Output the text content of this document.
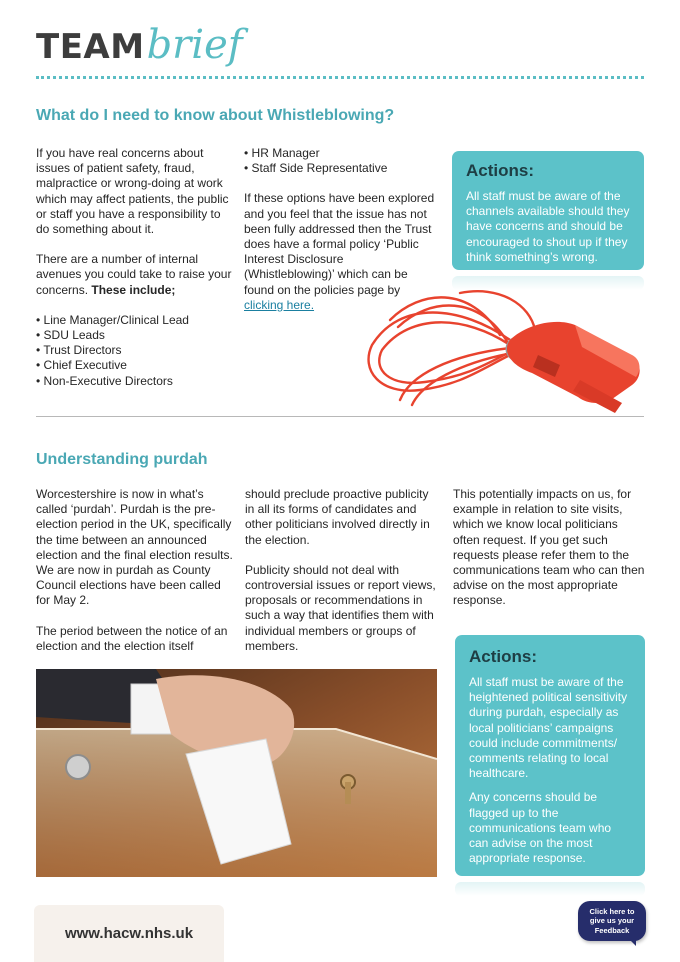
TEAM brief
What do I need to know about Whistleblowing?

If you have real concerns about issues of patient safety, fraud, malpractice or wrong-doing at work which may affect patients, the public or staff you have a responsibility to do something about it.

There are a number of internal avenues you could take to raise your concerns. These include;

• Line Manager/Clinical Lead
• SDU Leads
• Trust Directors
• Chief Executive
• Non-Executive Directors
• HR Manager
• Staff Side Representative

If these options have been explored and you feel that the issue has not been fully addressed then the Trust does have a formal policy ‘Public Interest Disclosure (Whistleblowing)’ which can be found on the policies page by clicking here.

Actions:
All staff must be aware of the channels available should they have concerns and should be encouraged to shout up if they think something’s wrong.
Understanding purdah

Worcestershire is now in what’s called ‘purdah’. Purdah is the pre-election period in the UK, specifically the time between an announced election and the final election results. We are now in purdah as County Council elections have been called for May 2.

The period between the notice of an election and the election itself

should preclude proactive publicity in all its forms of candidates and other politicians involved directly in the election.

Publicity should not deal with controversial issues or report views, proposals or recommendations in such a way that identifies them with individual members or groups of members.

This potentially impacts on us, for example in relation to site visits, which we know local politicians often request. If you get such requests please refer them to the communications team who can then advise on the most appropriate response.

Actions:

All staff must be aware of the heightened political sensitivity during purdah, especially as local politicians’ campaigns could include commitments/ comments relating to local healthcare.

Any concerns should be flagged up to the communications team who can advise on the most appropriate response.

www.hacw.nhs.uk
Click here to
give us your
Feedback
